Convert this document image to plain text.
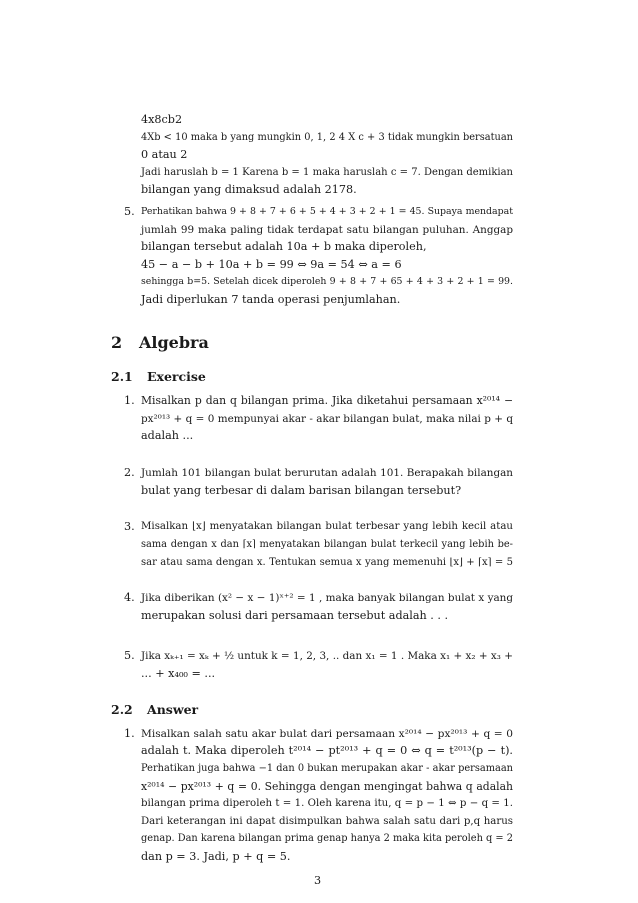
4x8cb2
4Xb < 10 maka b yang mungkin 0, 1, 2 4 X c + 3 tidak mungkin bersatuan
0 atau 2
Jadi haruslah b = 1 Karena b = 1 maka haruslah c = 7. Dengan demikian
bilangan yang dimaksud adalah 2178.
5. Perhatikan bahwa 9 + 8 + 7 + 6 + 5 + 4 + 3 + 2 + 1 = 45. Supaya mendapat
jumlah 99 maka paling tidak terdapat satu bilangan puluhan. Anggap
bilangan tersebut adalah 10a + b maka diperoleh,
45 − a − b + 10a + b = 99 ⇔ 9a = 54 ⇔ a = 6
sehingga b=5. Setelah dicek diperoleh 9 + 8 + 7 + 65 + 4 + 3 + 2 + 1 = 99.
Jadi diperlukan 7 tanda operasi penjumlahan.
2 Algebra
2.1 Exercise
1. Misalkan p dan q bilangan prima. Jika diketahui persamaan x²⁰¹⁴ −
px²⁰¹³ + q = 0 mempunyai akar - akar bilangan bulat, maka nilai p + q
adalah ...
2. Jumlah 101 bilangan bulat berurutan adalah 101. Berapakah bilangan
bulat yang terbesar di dalam barisan bilangan tersebut?
3. Misalkan ⌊x⌋ menyatakan bilangan bulat terbesar yang lebih kecil atau
sama dengan x dan ⌈x⌉ menyatakan bilangan bulat terkecil yang lebih be-
sar atau sama dengan x. Tentukan semua x yang memenuhi ⌊x⌋ + ⌈x⌉ = 5
4. Jika diberikan (x² − x − 1)ˣ⁺² = 1 , maka banyak bilangan bulat x yang
merupakan solusi dari persamaan tersebut adalah . . .
5. Jika xₖ₊₁ = xₖ + ½ untuk k = 1, 2, 3, .. dan x₁ = 1 . Maka x₁ + x₂ + x₃ +
... + x₄₀₀ = ...
2.2 Answer
1. Misalkan salah satu akar bulat dari persamaan x²⁰¹⁴ − px²⁰¹³ + q = 0
adalah t. Maka diperoleh t²⁰¹⁴ − pt²⁰¹³ + q = 0 ⇔ q = t²⁰¹³(p − t).
Perhatikan juga bahwa −1 dan 0 bukan merupakan akar - akar persamaan
x²⁰¹⁴ − px²⁰¹³ + q = 0. Sehingga dengan mengingat bahwa q adalah
bilangan prima diperoleh t = 1. Oleh karena itu, q = p − 1 ⇔ p − q = 1.
Dari keterangan ini dapat disimpulkan bahwa salah satu dari p,q harus
genap. Dan karena bilangan prima genap hanya 2 maka kita peroleh q = 2
dan p = 3. Jadi, p + q = 5.
3
